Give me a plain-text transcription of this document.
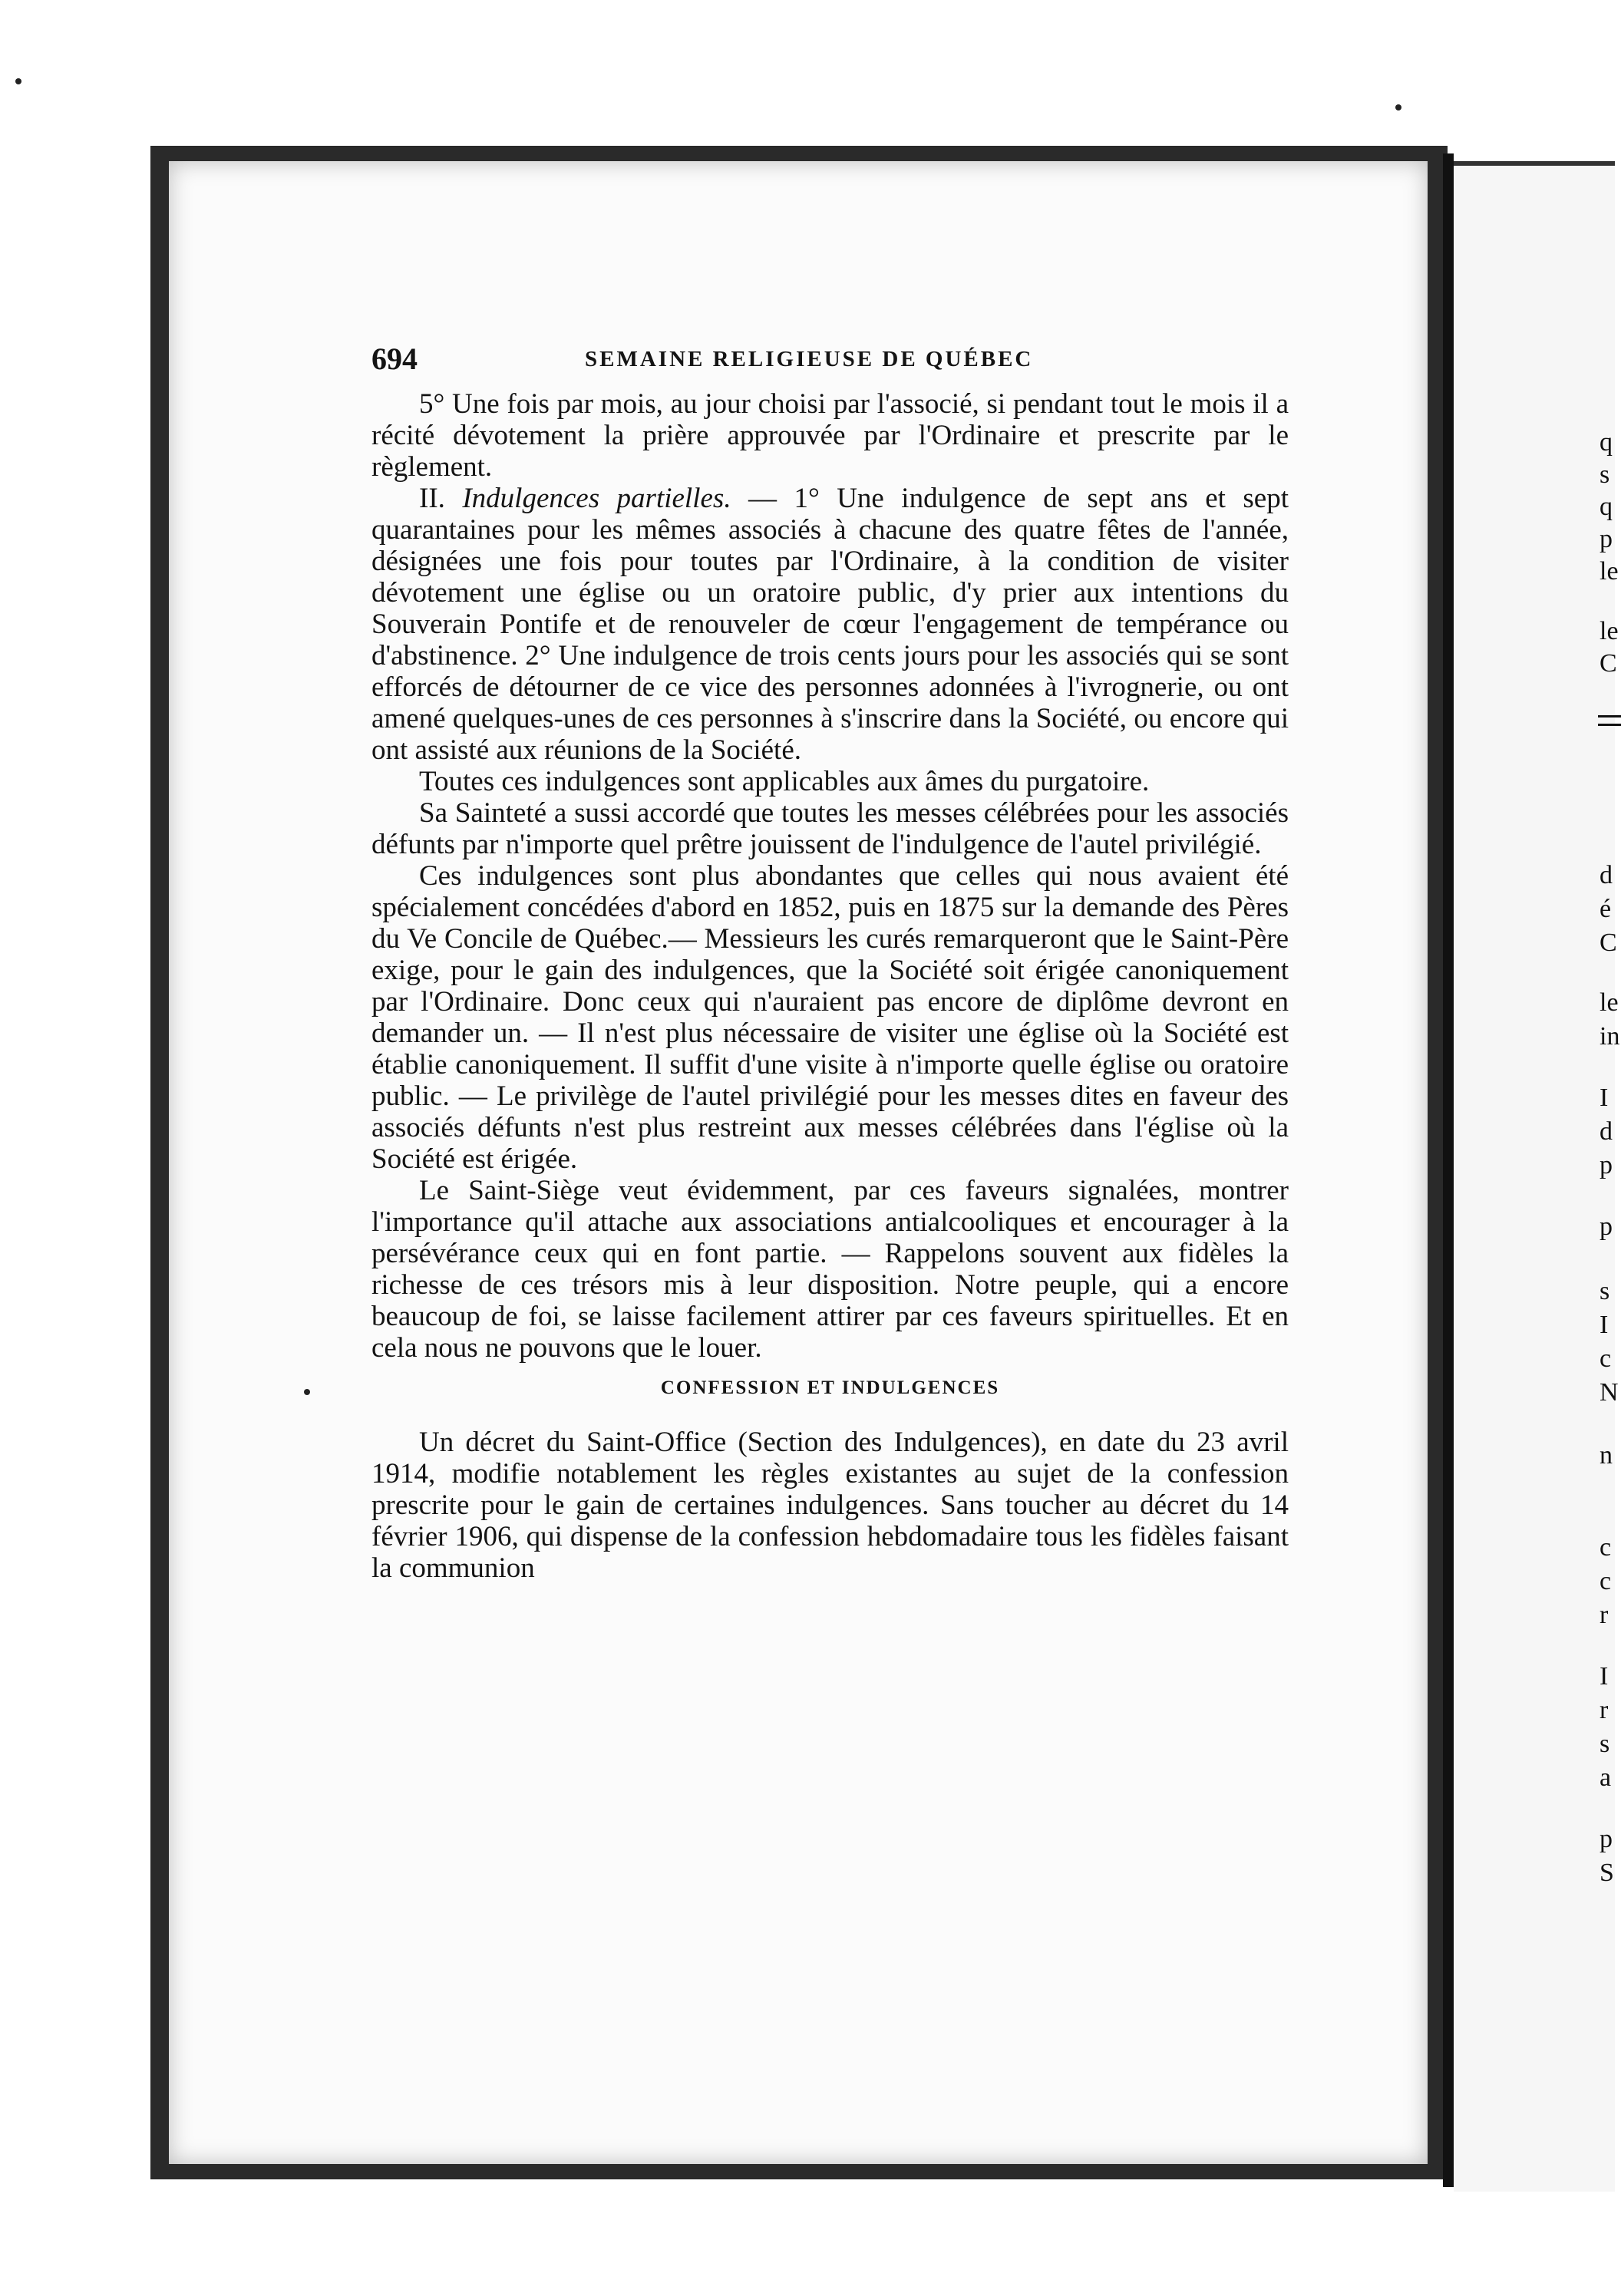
q
s
q
p
le
le
C
d
é
C
le
in
I
d
p
p
s
I
c
N
n
c
c
r
I
r
s
a
p
S
694	SEMAINE RELIGIEUSE DE QUÉBEC

5° Une fois par mois, au jour choisi par l'associé, si pendant tout le mois il a récité dévotement la prière approuvée par l'Ordinaire et prescrite par le règlement.

II. Indulgences partielles. — 1° Une indulgence de sept ans et sept quarantaines pour les mêmes associés à chacune des quatre fêtes de l'année, désignées une fois pour toutes par l'Ordinaire, à la condition de visiter dévotement une église ou un oratoire public, d'y prier aux intentions du Souverain Pontife et de renouveler de cœur l'engagement de tempérance ou d'abstinence. 2° Une indulgence de trois cents jours pour les associés qui se sont efforcés de détourner de ce vice des personnes adonnées à l'ivrognerie, ou ont amené quelques-unes de ces personnes à s'inscrire dans la Société, ou encore qui ont assisté aux réunions de la Société.

Toutes ces indulgences sont applicables aux âmes du purgatoire.

Sa Sainteté a sussi accordé que toutes les messes célébrées pour les associés défunts par n'importe quel prêtre jouissent de l'indulgence de l'autel privilégié.

Ces indulgences sont plus abondantes que celles qui nous avaient été spécialement concédées d'abord en 1852, puis en 1875 sur la demande des Pères du Ve Concile de Québec.— Messieurs les curés remarqueront que le Saint-Père exige, pour le gain des indulgences, que la Société soit érigée canoniquement par l'Ordinaire. Donc ceux qui n'auraient pas encore de diplôme devront en demander un. — Il n'est plus nécessaire de visiter une église où la Société est établie canoniquement. Il suffit d'une visite à n'importe quelle église ou oratoire public. — Le privilège de l'autel privilégié pour les messes dites en faveur des associés défunts n'est plus restreint aux messes célébrées dans l'église où la Société est érigée.

Le Saint-Siège veut évidemment, par ces faveurs signalées, montrer l'importance qu'il attache aux associations antialcooliques et encourager à la persévérance ceux qui en font partie. — Rappelons souvent aux fidèles la richesse de ces trésors mis à leur disposition. Notre peuple, qui a encore beaucoup de foi, se laisse facilement attirer par ces faveurs spirituelles. Et en cela nous ne pouvons que le louer.

CONFESSION ET INDULGENCES

Un décret du Saint-Office (Section des Indulgences), en date du 23 avril 1914, modifie notablement les règles existantes au sujet de la confession prescrite pour le gain de certaines indulgences. Sans toucher au décret du 14 février 1906, qui dispense de la confession hebdomadaire tous les fidèles faisant la communion
